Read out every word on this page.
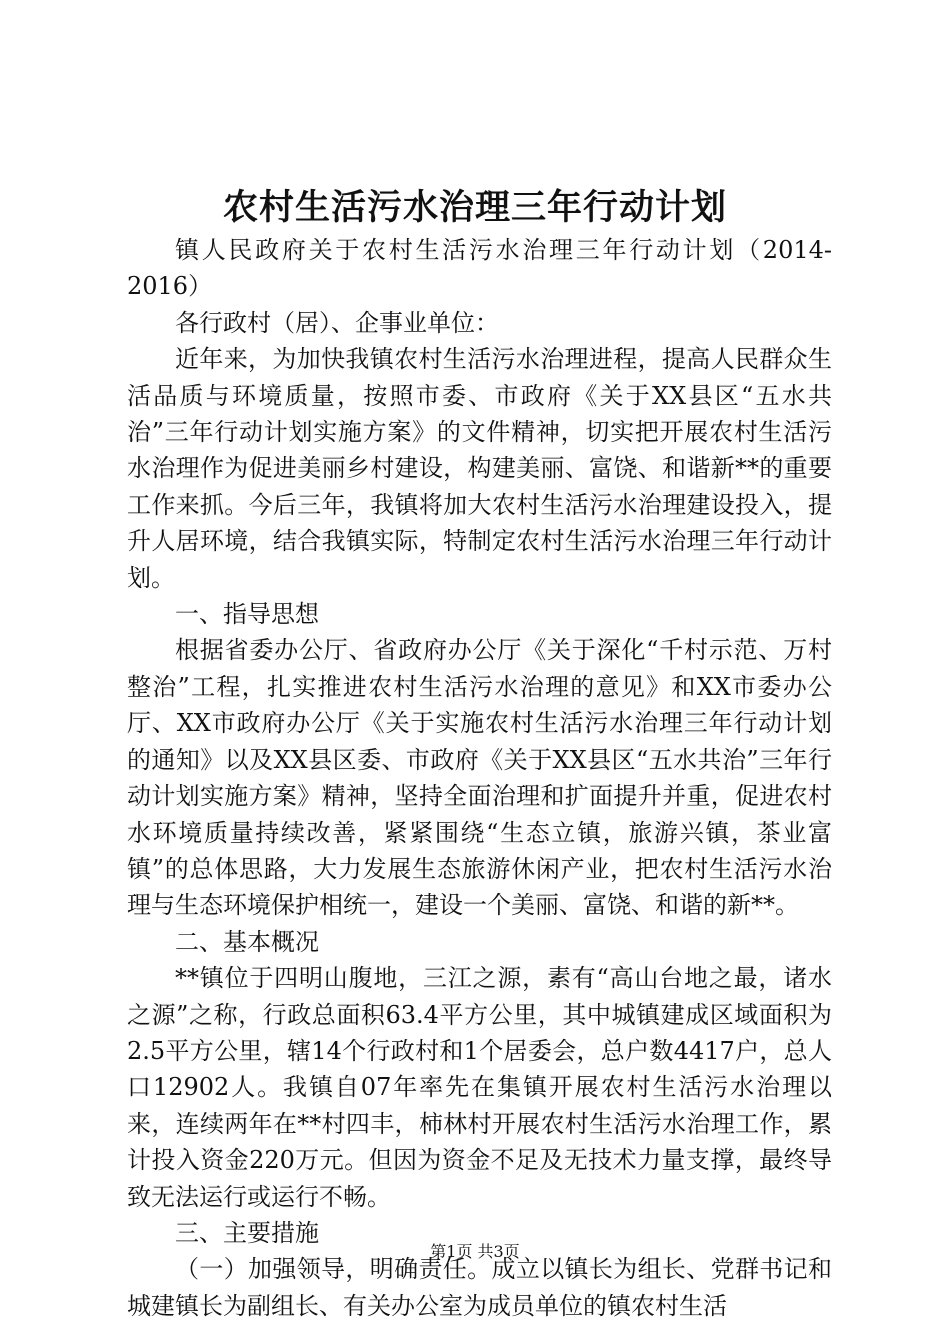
农村生活污水治理三年行动计划

镇人民政府关于农村生活污水治理三年行动计划（2014-2016）

各行政村（居）、企事业单位：

近年来，为加快我镇农村生活污水治理进程，提高人民群众生活品质与环境质量，按照市委、市政府《关于XX县区“五水共治”三年行动计划实施方案》的文件精神，切实把开展农村生活污水治理作为促进美丽乡村建设，构建美丽、富饶、和谐新**的重要工作来抓。今后三年，我镇将加大农村生活污水治理建设投入，提升人居环境，结合我镇实际，特制定农村生活污水治理三年行动计划。

一、指导思想

根据省委办公厅、省政府办公厅《关于深化“千村示范、万村整治”工程，扎实推进农村生活污水治理的意见》和XX市委办公厅、XX市政府办公厅《关于实施农村生活污水治理三年行动计划的通知》以及XX县区委、市政府《关于XX县区“五水共治”三年行动计划实施方案》精神，坚持全面治理和扩面提升并重，促进农村水环境质量持续改善，紧紧围绕“生态立镇，旅游兴镇，茶业富镇”的总体思路，大力发展生态旅游休闲产业，把农村生活污水治理与生态环境保护相统一，建设一个美丽、富饶、和谐的新**。

二、基本概况

**镇位于四明山腹地，三江之源，素有“高山台地之最，诸水之源”之称，行政总面积63.4平方公里，其中城镇建成区域面积为2.5平方公里，辖14个行政村和1个居委会，总户数4417户，总人口12902人。我镇自07年率先在集镇开展农村生活污水治理以来，连续两年在**村四丰，柿林村开展农村生活污水治理工作，累计投入资金220万元。但因为资金不足及无技术力量支撑，最终导致无法运行或运行不畅。

三、主要措施

（一）加强领导，明确责任。成立以镇长为组长、党群书记和城建镇长为副组长、有关办公室为成员单位的镇农村生活

第1页 共3页
